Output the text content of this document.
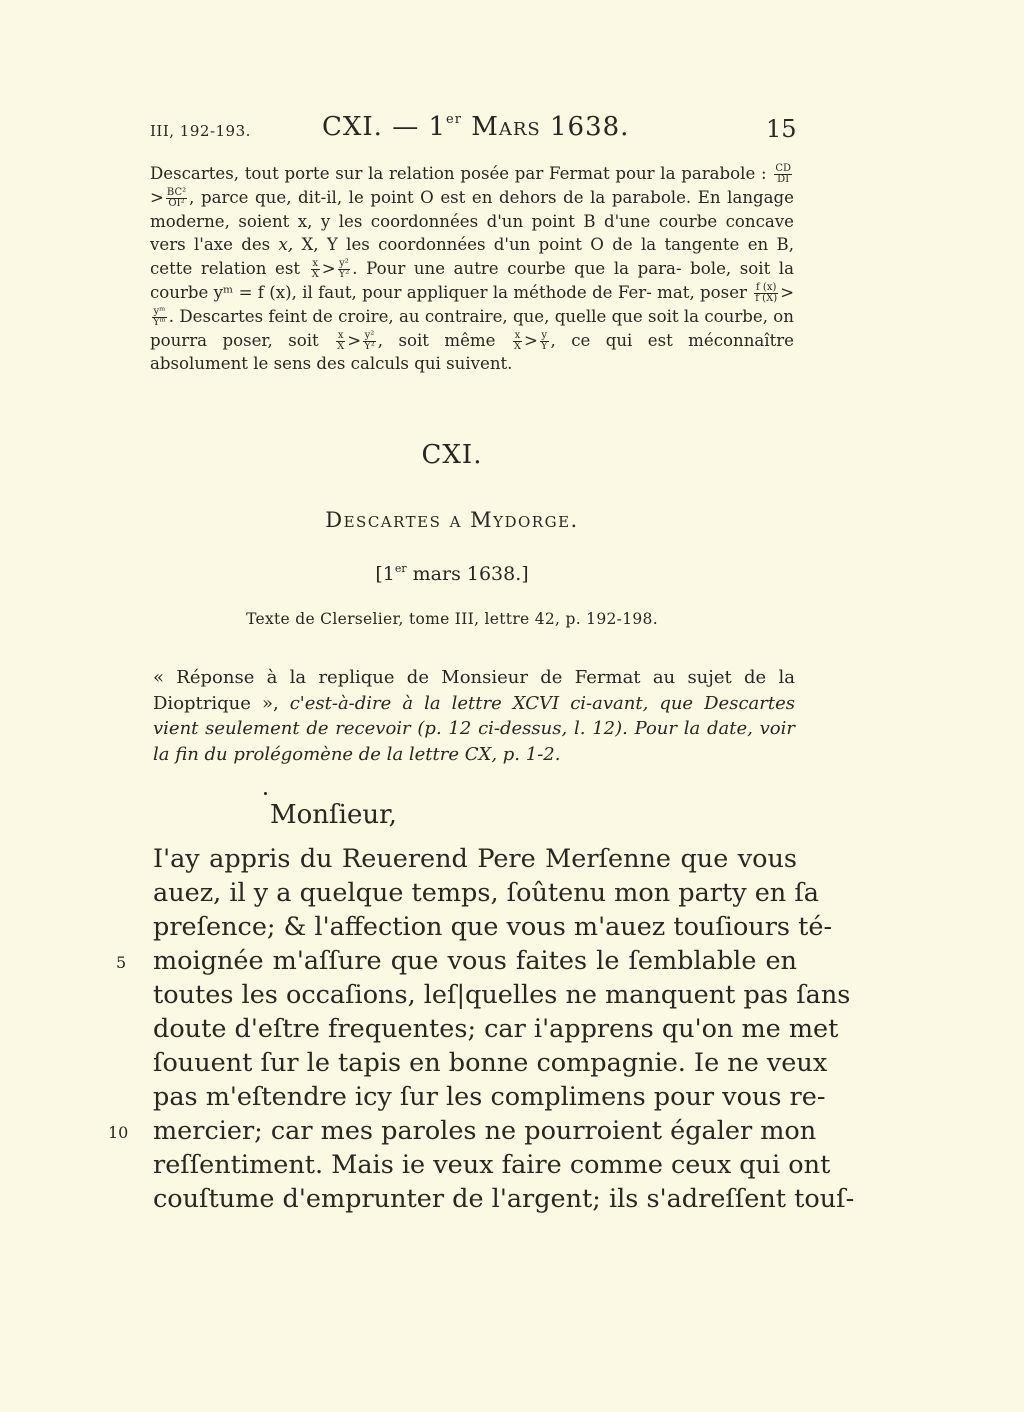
III, 192-193.	CXI. — 1er Mars 1638.	15

Descartes, tout porte sur la relation posée par Fermat pour la parabole : $\frac{CD}{DI}$
> $\frac{\text{BC²}}{\text{OI²}}$ , parce que, dit-il, le point O est en dehors de la parabole. En langage moderne, soient x, y les coordonnées d'un point B d'une courbe concave vers l'axe des x, X, Y les coordonnées d'un point O de la tangente en B, cette relation est $\frac{x}{X} > \frac{\text{y²}}{\text{Y²}}$ . Pour une autre courbe que la para- bole, soit la courbe yᵐ = f (x), il faut, pour appliquer la méthode de Fer- mat, poser $\frac{f (x)}{f (X)}$ >
$\frac{\text{yᵐ}}{\text{Yᵐ}}$ . Descartes feint de croire, au contraire, que, quelle que soit la courbe, on pourra poser, soit $\frac{x}{X} > \frac{\text{y²}}{\text{Y²}}$ , soit même $\frac{x}{X} > \frac{y}{Y}$ , ce qui est méconnaître absolument le sens des calculs qui suivent.

CXI.
Descartes a Mydorge.
[1er mars 1638.]
Texte de Clerselier, tome III, lettre 42, p. 192-198.

« Réponse à la replique de Monsieur de Fermat au sujet de la Dioptrique », c'est-à-dire à la lettre XCVI ci-avant, que Descartes vient seulement de recevoir (p. 12 ci-dessus, l. 12). Pour la date, voir la fin du prolégomène de la lettre CX, p. 1-2.

Monſieur,
I'ay appris du Reuerend Pere Merſenne que vous
auez, il y a quelque temps, ſoûtenu mon party en ſa
preſence; & l'affection que vous m'auez touſiours té-
moignée m'aſſure que vous faites le ſemblable en
toutes les occaſions, leſ|quelles ne manquent pas ſans
doute d'eſtre frequentes; car i'apprens qu'on me met
ſouuent ſur le tapis en bonne compagnie. Ie ne veux
pas m'eſtendre icy ſur les complimens pour vous re-
mercier; car mes paroles ne pourroient égaler mon
reſſentiment. Mais ie veux faire comme ceux qui ont
couſtume d'emprunter de l'argent; ils s'adreſſent touſ-
5
10
